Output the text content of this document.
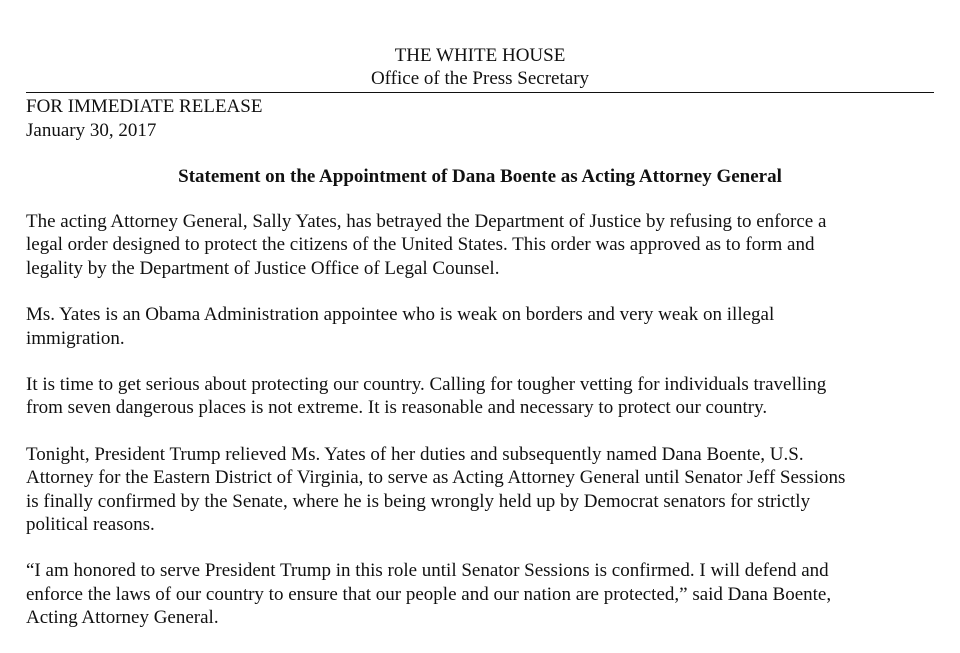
THE WHITE HOUSE
Office of the Press Secretary
FOR IMMEDIATE RELEASE
January 30, 2017
Statement on the Appointment of Dana Boente as Acting Attorney General

The acting Attorney General, Sally Yates, has betrayed the Department of Justice by refusing to enforce a
legal order designed to protect the citizens of the United States. This order was approved as to form and
legality by the Department of Justice Office of Legal Counsel.

Ms. Yates is an Obama Administration appointee who is weak on borders and very weak on illegal
immigration.

It is time to get serious about protecting our country. Calling for tougher vetting for individuals travelling
from seven dangerous places is not extreme. It is reasonable and necessary to protect our country.

Tonight, President Trump relieved Ms. Yates of her duties and subsequently named Dana Boente, U.S.
Attorney for the Eastern District of Virginia, to serve as Acting Attorney General until Senator Jeff Sessions
is finally confirmed by the Senate, where he is being wrongly held up by Democrat senators for strictly
political reasons.

“I am honored to serve President Trump in this role until Senator Sessions is confirmed. I will defend and
enforce the laws of our country to ensure that our people and our nation are protected,” said Dana Boente,
Acting Attorney General.
